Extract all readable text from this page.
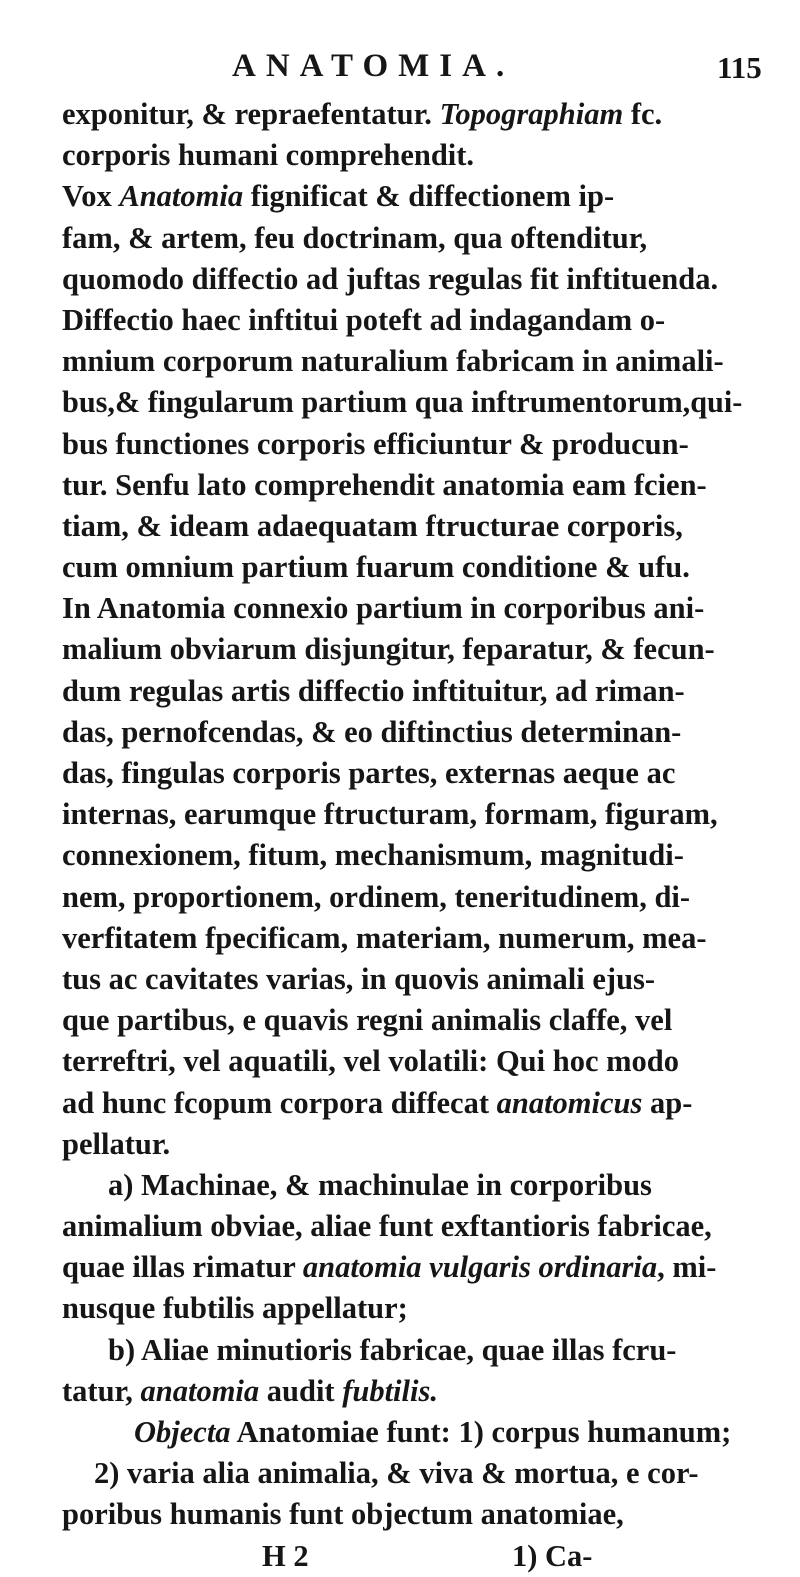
ANATOMIA.	115
exponitur, & repraefentatur. Topographiam fc.
corporis humani comprehendit.
Vox Anatomia fignificat & diffectionem ip-
fam, & artem, feu doctrinam, qua oftenditur,
quomodo diffectio ad juftas regulas fit inftituenda.
Diffectio haec inftitui poteft ad indagandam o-
mnium corporum naturalium fabricam in animali-
bus,& fingularum partium qua inftrumentorum,qui-
bus functiones corporis efficiuntur & producun-
tur. Senfu lato comprehendit anatomia eam fcien-
tiam, & ideam adaequatam ftructurae corporis,
cum omnium partium fuarum conditione & ufu.
In Anatomia connexio partium in corporibus ani-
malium obviarum disjungitur, feparatur, & fecun-
dum regulas artis diffectio inftituitur, ad riman-
das, pernofcendas, & eo diftinctius determinan-
das, fingulas corporis partes, externas aeque ac
internas, earumque ftructuram, formam, figuram,
connexionem, fitum, mechanismum, magnitudi-
nem, proportionem, ordinem, teneritudinem, di-
verfitatem fpecificam, materiam, numerum, mea-
tus ac cavitates varias, in quovis animali ejus-
que partibus, e quavis regni animalis claffe, vel
terreftri, vel aquatili, vel volatili: Qui hoc modo
ad hunc fcopum corpora diffecat anatomicus ap-
pellatur.
a) Machinae, & machinulae in corporibus
animalium obviae, aliae funt exftantioris fabricae,
quae illas rimatur anatomia vulgaris ordinaria, mi-
nusque fubtilis appellatur;
b) Aliae minutioris fabricae, quae illas fcru-
tatur, anatomia audit fubtilis.
Objecta Anatomiae funt: 1) corpus humanum;
2) varia alia animalia, & viva & mortua, e cor-
poribus humanis funt objectum anatomiae,
H 2	1) Ca-
